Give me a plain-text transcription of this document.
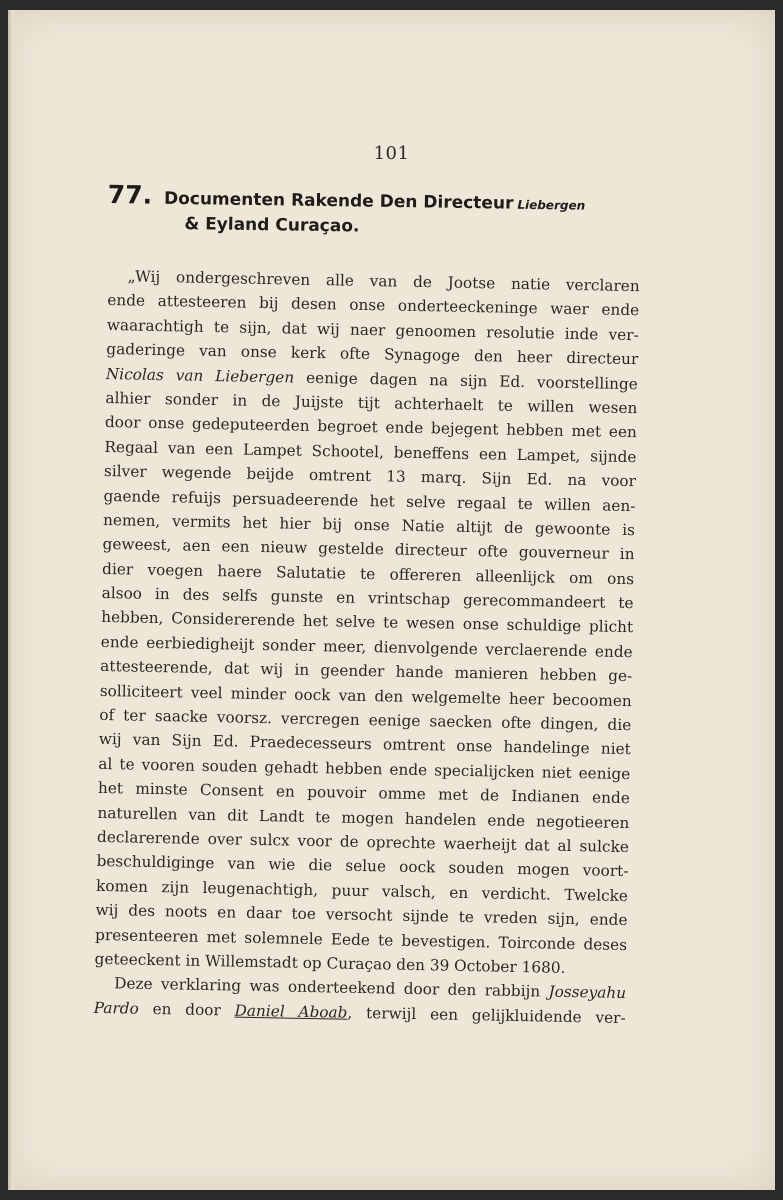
101
77. Documenten Rakende Den Directeur Liebergen
& Eyland Curaçao.
„Wij ondergeschreven alle van de Jootse natie verclaren
ende attesteeren bij desen onse onderteeckeninge waer ende
waarachtigh te sijn, dat wij naer genoomen resolutie inde ver-
gaderinge van onse kerk ofte Synagoge den heer directeur
Nicolas van Liebergen eenige dagen na sijn Ed. voorstellinge
alhier sonder in de Juijste tijt achterhaelt te willen wesen
door onse gedeputeerden begroet ende bejegent hebben met een
Regaal van een Lampet Schootel, beneffens een Lampet, sijnde
silver wegende beijde omtrent 13 marq. Sijn Ed. na voor
gaende refuijs persuadeerende het selve regaal te willen aen-
nemen, vermits het hier bij onse Natie altijt de gewoonte is
geweest, aen een nieuw gestelde directeur ofte gouverneur in
dier voegen haere Salutatie te offereren alleenlijck om ons
alsoo in des selfs gunste en vrintschap gerecommandeert te
hebben, Considererende het selve te wesen onse schuldige plicht
ende eerbiedigheijt sonder meer, dienvolgende verclaerende ende
attesteerende, dat wij in geender hande manieren hebben ge-
solliciteert veel minder oock van den welgemelte heer becoomen
of ter saacke voorsz. vercregen eenige saecken ofte dingen, die
wij van Sijn Ed. Praedecesseurs omtrent onse handelinge niet
al te vooren souden gehadt hebben ende specialijcken niet eenige
het minste Consent en pouvoir omme met de Indianen ende
naturellen van dit Landt te mogen handelen ende negotieeren
declarerende over sulcx voor de oprechte waerheijt dat al sulcke
beschuldiginge van wie die selue oock souden mogen voort-
komen zijn leugenachtigh, puur valsch, en verdicht. Twelcke
wij des noots en daar toe versocht sijnde te vreden sijn, ende
presenteeren met solemnele Eede te bevestigen. Toirconde deses
geteeckent in Willemstadt op Curaçao den 39 October 1680.
Deze verklaring was onderteekend door den rabbijn Josseyahu
Pardo en door Daniel Aboab, terwijl een gelijkluidende ver-
